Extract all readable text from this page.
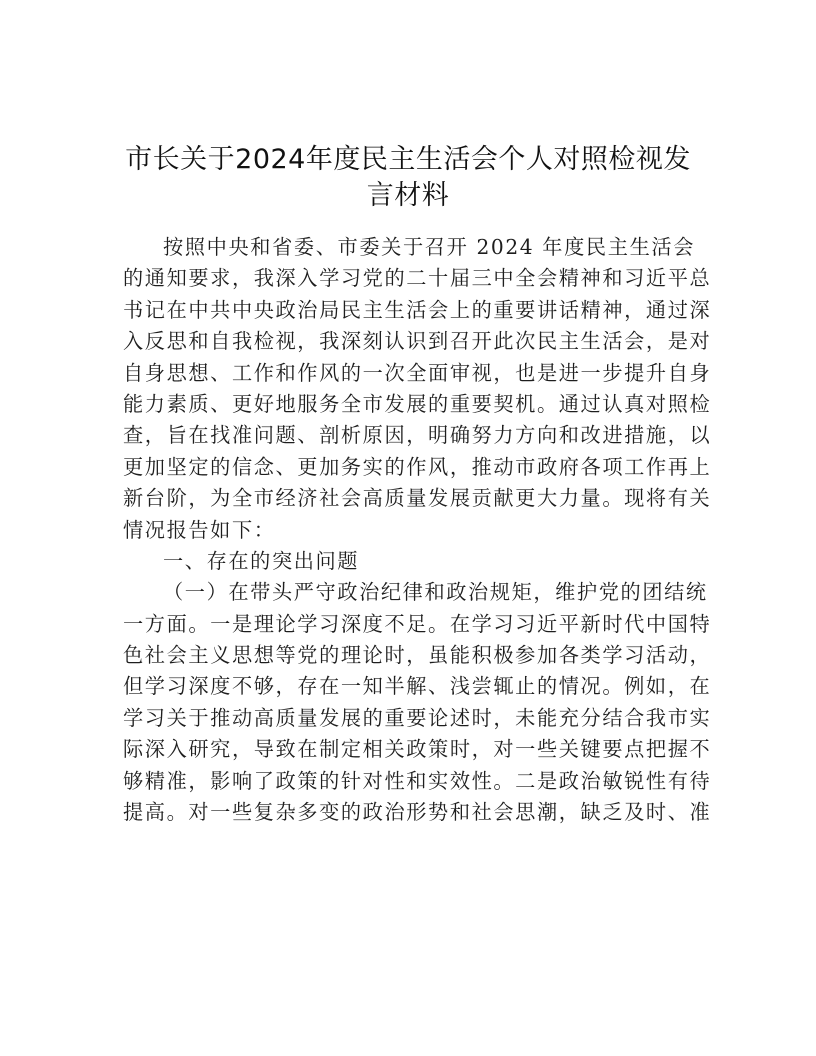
市长关于2024年度民主生活会个人对照检视发
言材料
按照中央和省委、市委关于召开 2024 年度民主生活会
的通知要求，我深入学习党的二十届三中全会精神和习近平总
书记在中共中央政治局民主生活会上的重要讲话精神，通过深
入反思和自我检视，我深刻认识到召开此次民主生活会，是对
自身思想、工作和作风的一次全面审视，也是进一步提升自身
能力素质、更好地服务全市发展的重要契机。通过认真对照检
查，旨在找准问题、剖析原因，明确努力方向和改进措施，以
更加坚定的信念、更加务实的作风，推动市政府各项工作再上
新台阶，为全市经济社会高质量发展贡献更大力量。现将有关
情况报告如下：
一、存在的突出问题
（一）在带头严守政治纪律和政治规矩，维护党的团结统
一方面。一是理论学习深度不足。在学习习近平新时代中国特
色社会主义思想等党的理论时，虽能积极参加各类学习活动，
但学习深度不够，存在一知半解、浅尝辄止的情况。例如，在
学习关于推动高质量发展的重要论述时，未能充分结合我市实
际深入研究，导致在制定相关政策时，对一些关键要点把握不
够精准，影响了政策的针对性和实效性。二是政治敏锐性有待
提高。对一些复杂多变的政治形势和社会思潮，缺乏及时、准
